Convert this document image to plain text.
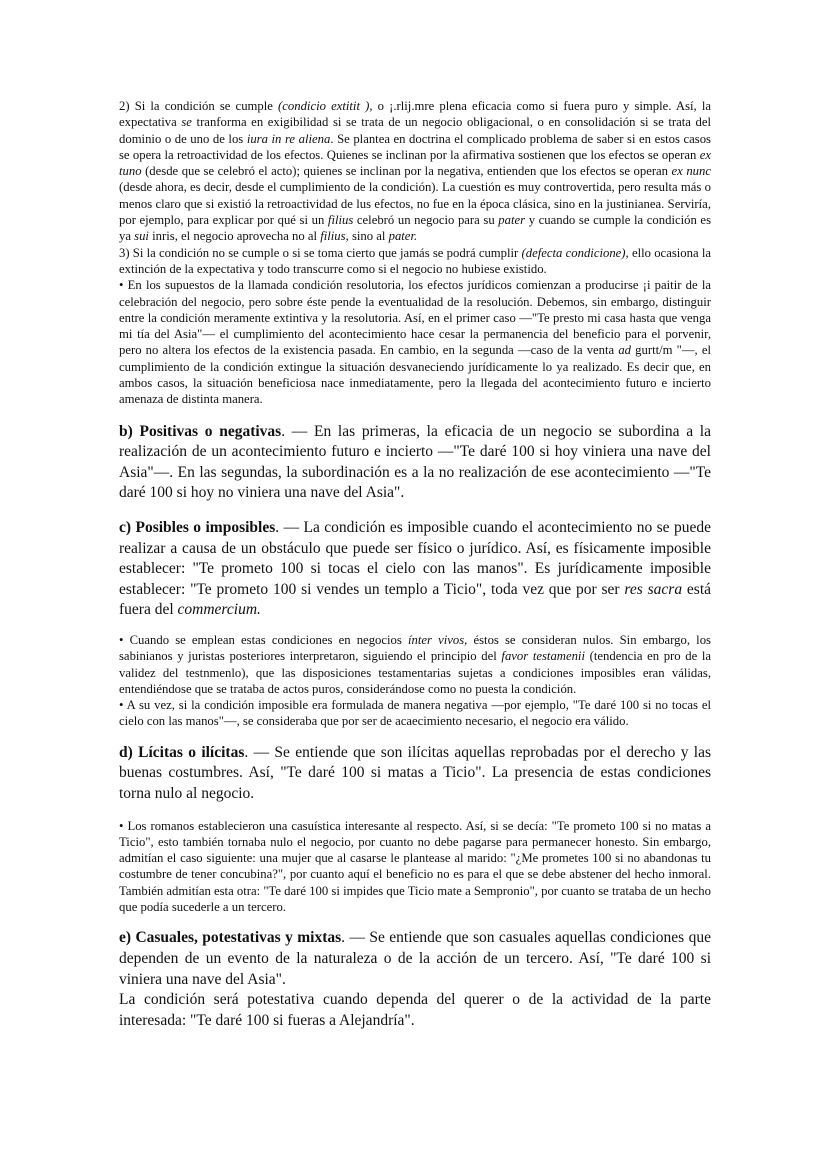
2) Si la condición se cumple (condicio extitit ), o ¡.rlij.mre plena eficacia como si fuera puro y simple. Así, la expectativa se tranforma en exigibilidad si se trata de un negocio obligacional, o en consolidación si se trata del dominio o de uno de los iura in re aliena. Se plantea en doctrina el complicado problema de saber si en estos casos se opera la retroactividad de los efectos. Quienes se inclinan por la afirmativa sostienen que los efectos se operan ex tuno (desde que se celebró el acto); quienes se inclinan por la negativa, entienden que los efectos se operan ex nunc (desde ahora, es decir, desde el cumplimiento de la condición). La cuestión es muy controvertida, pero resulta más o menos claro que si existió la retroactividad de lus efectos, no fue en la época clásica, sino en la justinianea. Serviría, por ejemplo, para explicar por qué si un filius celebró un negocio para su pater y cuando se cumple la condición es ya sui inris, el negocio aprovecha no al filius, sino al pater.

3) Si la condición no se cumple o si se toma cierto que jamás se podrá cumplir (defecta condicione), ello ocasiona la extinción de la expectativa y todo transcurre como si el negocio no hubiese existido.

• En los supuestos de la llamada condición resolutoria, los efectos jurídicos comienzan a producirse ¡i paitir de la celebración del negocio, pero sobre éste pende la eventualidad de la resolución. Debemos, sin embargo, distinguir entre la condición meramente extintiva y la resolutoria. Así, en el primer caso —"Te presto mi casa hasta que venga mi tía del Asia"— el cumplimiento del acontecimiento hace cesar la permanencia del beneficio para el porvenir, pero no altera los efectos de la existencia pasada. En cambio, en la segunda —caso de la venta ad gurtt/m "—, el cumplimiento de la condición extingue la situación desvaneciendo jurídicamente lo ya realizado. Es decir que, en ambos casos, la situación beneficiosa nace inmediatamente, pero la llegada del acontecimiento futuro e incierto amenaza de distinta manera.

b) Positivas o negativas. — En las primeras, la eficacia de un negocio se subordina a la realización de un acontecimiento futuro e incierto —"Te daré 100 si hoy viniera una nave del Asia"—. En las segundas, la subordinación es a la no realización de ese acontecimiento —"Te daré 100 si hoy no viniera una nave del Asia".

c) Posibles o imposibles. — La condición es imposible cuando el acontecimiento no se puede realizar a causa de un obstáculo que puede ser físico o jurídico. Así, es físicamente imposible establecer: "Te prometo 100 si tocas el cielo con las manos". Es jurídicamente imposible establecer: "Te prometo 100 si vendes un templo a Ticio", toda vez que por ser res sacra está fuera del commercium.

• Cuando se emplean estas condiciones en negocios ínter vivos, éstos se consideran nulos. Sin embargo, los sabinianos y juristas posteriores interpretaron, siguiendo el principio del favor testamenii (tendencia en pro de la validez del testnmenlo), que las disposiciones testamentarias sujetas a condiciones imposibles eran válidas, entendiéndose que se trataba de actos puros, considerándose como no puesta la condición.

• A su vez, si la condición imposible era formulada de manera negativa —por ejemplo, "Te daré 100 si no tocas el cielo con las manos"—, se consideraba que por ser de acaecimiento necesario, el negocio era válido.

d) Lícitas o ilícitas. — Se entiende que son ilícitas aquellas reprobadas por el derecho y las buenas costumbres. Así, "Te daré 100 si matas a Ticio". La presencia de estas condiciones torna nulo al negocio.

• Los romanos establecieron una casuística interesante al respecto. Así, si se decía: "Te prometo 100 si no matas a Ticio", esto también tornaba nulo el negocio, por cuanto no debe pagarse para permanecer honesto. Sin embargo, admitían el caso siguiente: una mujer que al casarse le plantease al marido: "¿Me prometes 100 si no abandonas tu costumbre de tener concubina?", por cuanto aquí el beneficio no es para el que se debe abstener del hecho inmoral. También admitían esta otra: "Te daré 100 si impides que Ticio mate a Sempronio", por cuanto se trataba de un hecho que podía sucederle a un tercero.

e) Casuales, potestativas y mixtas. — Se entiende que son casuales aquellas condiciones que dependen de un evento de la naturaleza o de la acción de un tercero. Así, "Te daré 100 si viniera una nave del Asia".

La condición será potestativa cuando dependa del querer o de la actividad de la parte interesada: "Te daré 100 si fueras a Alejandría".
